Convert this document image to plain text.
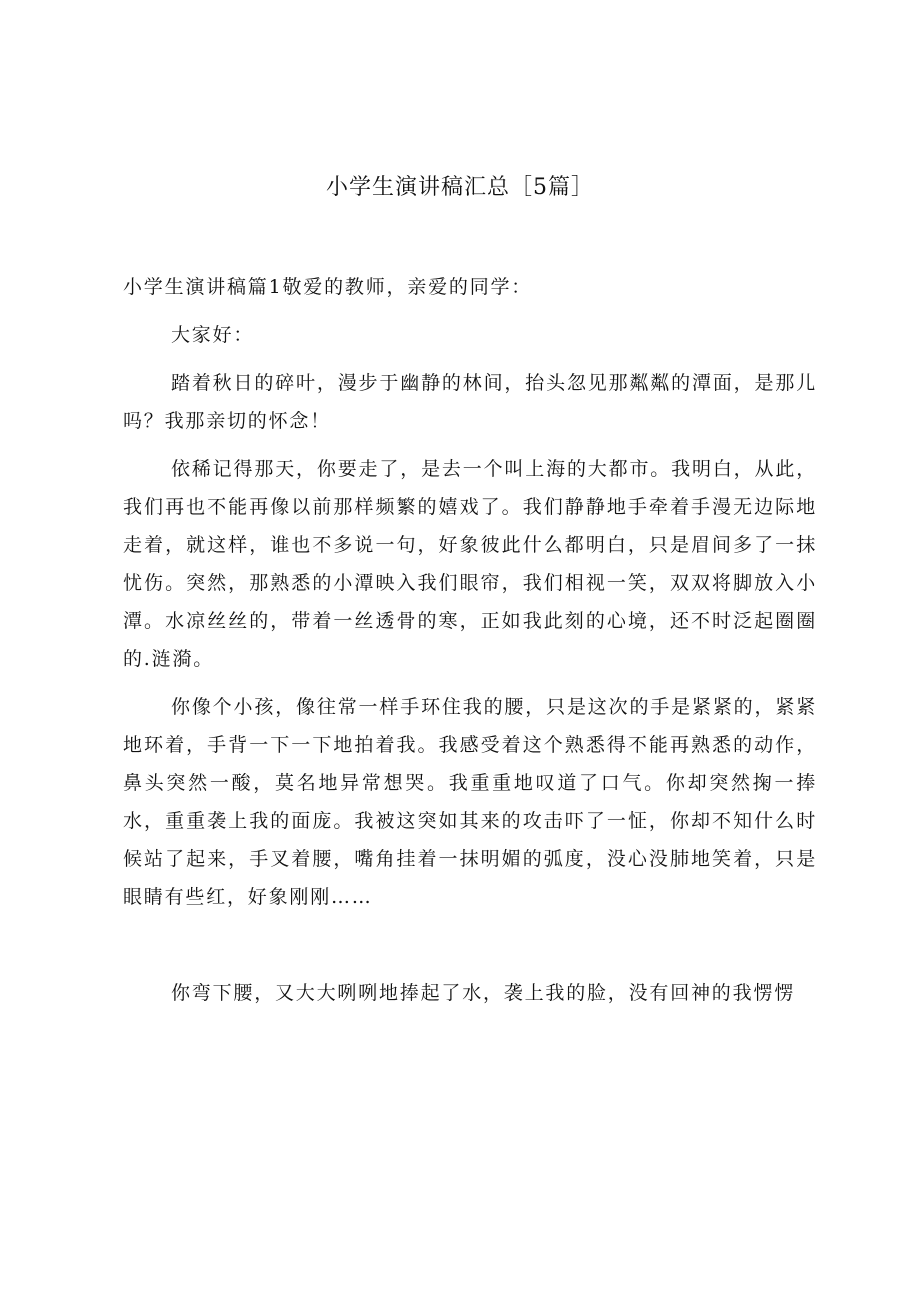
小学生演讲稿汇总［5篇］

小学生演讲稿篇1敬爱的教师，亲爱的同学：

大家好：

踏着秋日的碎叶，漫步于幽静的林间，抬头忽见那粼粼的潭面，是那儿吗？我那亲切的怀念！

依稀记得那天，你要走了，是去一个叫上海的大都市。我明白，从此，我们再也不能再像以前那样频繁的嬉戏了。我们静静地手牵着手漫无边际地走着，就这样，谁也不多说一句，好象彼此什么都明白，只是眉间多了一抹忧伤。突然，那熟悉的小潭映入我们眼帘，我们相视一笑，双双将脚放入小潭。水凉丝丝的，带着一丝透骨的寒，正如我此刻的心境，还不时泛起圈圈的.涟漪。

你像个小孩，像往常一样手环住我的腰，只是这次的手是紧紧的，紧紧地环着，手背一下一下地拍着我。我感受着这个熟悉得不能再熟悉的动作，鼻头突然一酸，莫名地异常想哭。我重重地叹道了口气。你却突然掬一捧水，重重袭上我的面庞。我被这突如其来的攻击吓了一怔，你却不知什么时候站了起来，手叉着腰，嘴角挂着一抹明媚的弧度，没心没肺地笑着，只是眼睛有些红，好象刚刚……

你弯下腰，又大大咧咧地捧起了水，袭上我的脸，没有回神的我愣愣
